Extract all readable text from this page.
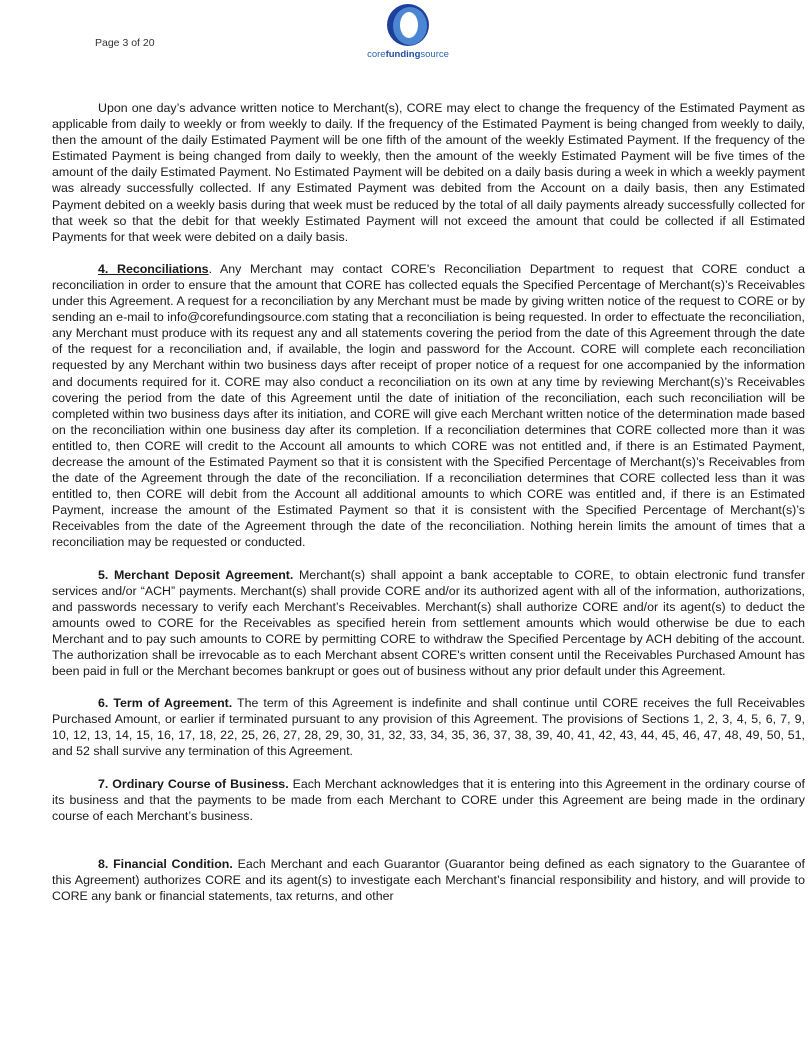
Page 3 of 20
corefundingsource

Upon one day’s advance written notice to Merchant(s), CORE may elect to change the frequency of the Estimated Payment as applicable from daily to weekly or from weekly to daily. If the frequency of the Estimated Payment is being changed from weekly to daily, then the amount of the daily Estimated Payment will be one fifth of the amount of the weekly Estimated Payment. If the frequency of the Estimated Payment is being changed from daily to weekly, then the amount of the weekly Estimated Payment will be five times of the amount of the daily Estimated Payment. No Estimated Payment will be debited on a daily basis during a week in which a weekly payment was already successfully collected. If any Estimated Payment was debited from the Account on a daily basis, then any Estimated Payment debited on a weekly basis during that week must be reduced by the total of all daily payments already successfully collected for that week so that the debit for that weekly Estimated Payment will not exceed the amount that could be collected if all Estimated Payments for that week were debited on a daily basis.

4. Reconciliations. Any Merchant may contact CORE's Reconciliation Department to request that CORE conduct a reconciliation in order to ensure that the amount that CORE has collected equals the Specified Percentage of Merchant(s)’s Receivables under this Agreement. A request for a reconciliation by any Merchant must be made by giving written notice of the request to CORE or by sending an e-mail to info@corefundingsource.com stating that a reconciliation is being requested. In order to effectuate the reconciliation, any Merchant must produce with its request any and all statements covering the period from the date of this Agreement through the date of the request for a reconciliation and, if available, the login and password for the Account. CORE will complete each reconciliation requested by any Merchant within two business days after receipt of proper notice of a request for one accompanied by the information and documents required for it. CORE may also conduct a reconciliation on its own at any time by reviewing Merchant(s)’s Receivables covering the period from the date of this Agreement until the date of initiation of the reconciliation, each such reconciliation will be completed within two business days after its initiation, and CORE will give each Merchant written notice of the determination made based on the reconciliation within one business day after its completion. If a reconciliation determines that CORE collected more than it was entitled to, then CORE will credit to the Account all amounts to which CORE was not entitled and, if there is an Estimated Payment, decrease the amount of the Estimated Payment so that it is consistent with the Specified Percentage of Merchant(s)’s Receivables from the date of the Agreement through the date of the reconciliation. If a reconciliation determines that CORE collected less than it was entitled to, then CORE will debit from the Account all additional amounts to which CORE was entitled and, if there is an Estimated Payment, increase the amount of the Estimated Payment so that it is consistent with the Specified Percentage of Merchant(s)’s Receivables from the date of the Agreement through the date of the reconciliation. Nothing herein limits the amount of times that a reconciliation may be requested or conducted.

5. Merchant Deposit Agreement. Merchant(s) shall appoint a bank acceptable to CORE, to obtain electronic fund transfer services and/or “ACH” payments. Merchant(s) shall provide CORE and/or its authorized agent with all of the information, authorizations, and passwords necessary to verify each Merchant’s Receivables. Merchant(s) shall authorize CORE and/or its agent(s) to deduct the amounts owed to CORE for the Receivables as specified herein from settlement amounts which would otherwise be due to each Merchant and to pay such amounts to CORE by permitting CORE to withdraw the Specified Percentage by ACH debiting of the account. The authorization shall be irrevocable as to each Merchant absent CORE's written consent until the Receivables Purchased Amount has been paid in full or the Merchant becomes bankrupt or goes out of business without any prior default under this Agreement.

6. Term of Agreement. The term of this Agreement is indefinite and shall continue until CORE receives the full Receivables Purchased Amount, or earlier if terminated pursuant to any provision of this Agreement. The provisions of Sections 1, 2, 3, 4, 5, 6, 7, 9, 10, 12, 13, 14, 15, 16, 17, 18, 22, 25, 26, 27, 28, 29, 30, 31, 32, 33, 34, 35, 36, 37, 38, 39, 40, 41, 42, 43, 44, 45, 46, 47, 48, 49, 50, 51, and 52 shall survive any termination of this Agreement.

7. Ordinary Course of Business. Each Merchant acknowledges that it is entering into this Agreement in the ordinary course of its business and that the payments to be made from each Merchant to CORE under this Agreement are being made in the ordinary course of each Merchant’s business.

8. Financial Condition. Each Merchant and each Guarantor (Guarantor being defined as each signatory to the Guarantee of this Agreement) authorizes CORE and its agent(s) to investigate each Merchant’s financial responsibility and history, and will provide to CORE any bank or financial statements, tax returns, and other
